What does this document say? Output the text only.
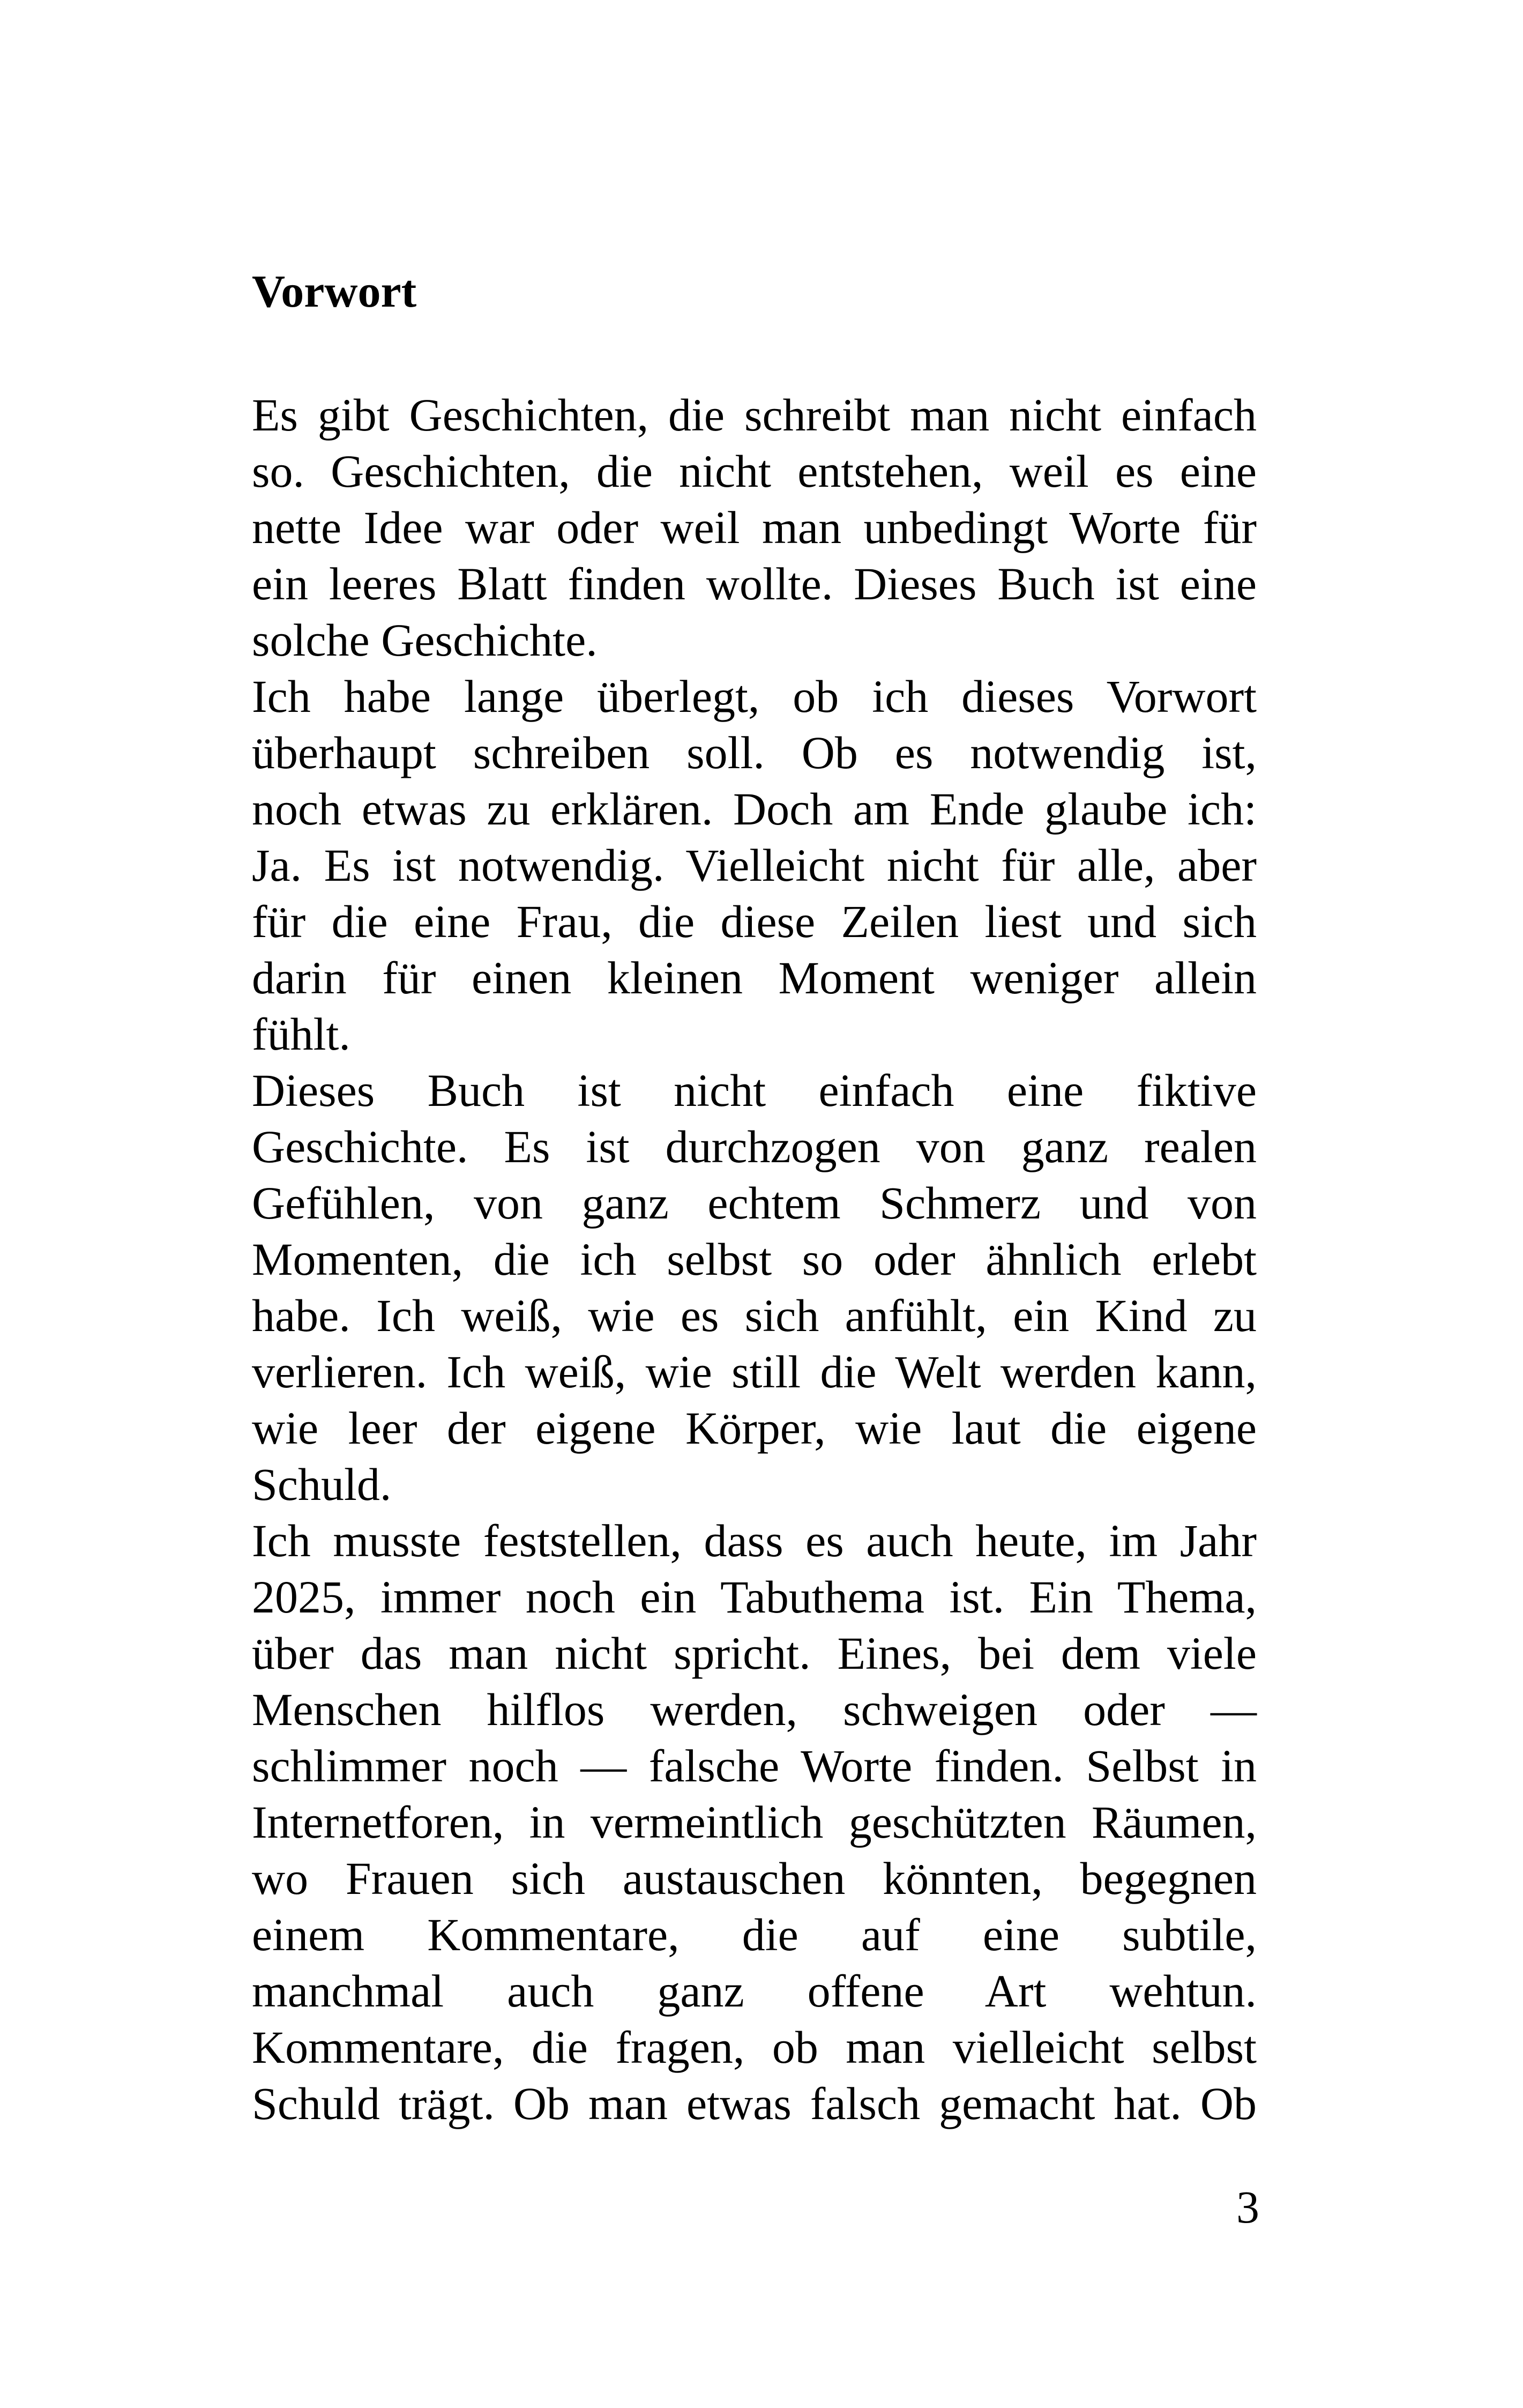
Vorwort
Es gibt Geschichten, die schreibt man nicht einfach
so. Geschichten, die nicht entstehen, weil es eine
nette Idee war oder weil man unbedingt Worte für
ein leeres Blatt finden wollte. Dieses Buch ist eine
solche Geschichte.
Ich habe lange überlegt, ob ich dieses Vorwort
überhaupt schreiben soll. Ob es notwendig ist,
noch etwas zu erklären. Doch am Ende glaube ich:
Ja. Es ist notwendig. Vielleicht nicht für alle, aber
für die eine Frau, die diese Zeilen liest und sich
darin für einen kleinen Moment weniger allein
fühlt.
Dieses Buch ist nicht einfach eine fiktive
Geschichte. Es ist durchzogen von ganz realen
Gefühlen, von ganz echtem Schmerz und von
Momenten, die ich selbst so oder ähnlich erlebt
habe. Ich weiß, wie es sich anfühlt, ein Kind zu
verlieren. Ich weiß, wie still die Welt werden kann,
wie leer der eigene Körper, wie laut die eigene
Schuld.
Ich musste feststellen, dass es auch heute, im Jahr
2025, immer noch ein Tabuthema ist. Ein Thema,
über das man nicht spricht. Eines, bei dem viele
Menschen hilflos werden, schweigen oder —
schlimmer noch — falsche Worte finden. Selbst in
Internetforen, in vermeintlich geschützten Räumen,
wo Frauen sich austauschen könnten, begegnen
einem Kommentare, die auf eine subtile,
manchmal auch ganz offene Art wehtun.
Kommentare, die fragen, ob man vielleicht selbst
Schuld trägt. Ob man etwas falsch gemacht hat. Ob
3
